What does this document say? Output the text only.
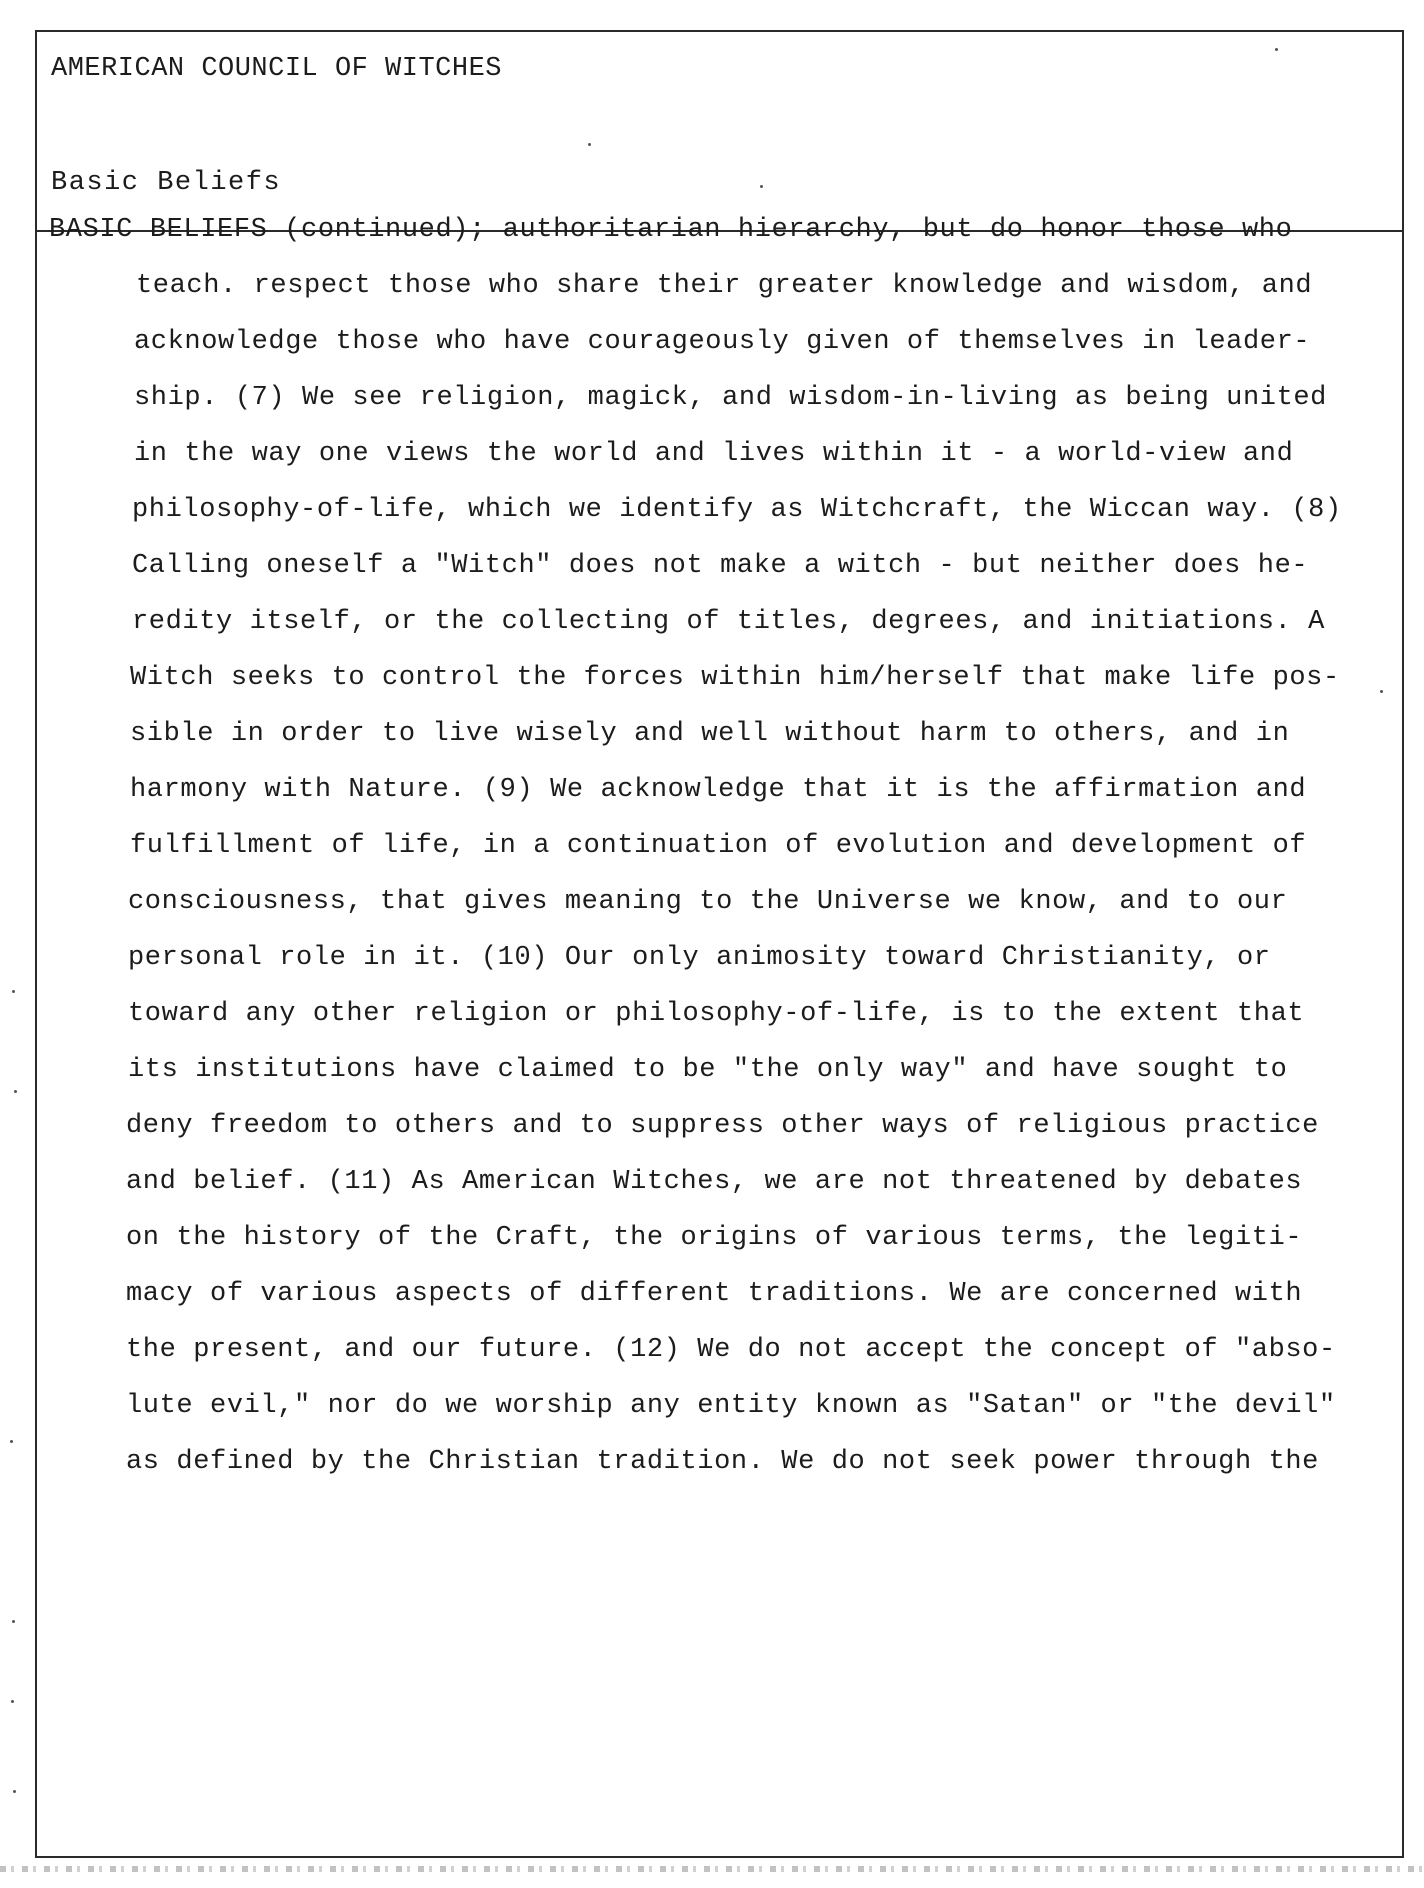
AMERICAN COUNCIL OF WITCHES
Basic Beliefs
BASIC BELIEFS (continued); authoritarian hierarchy, but do honor those who
teach. respect those who share their greater knowledge and wisdom, and
acknowledge those who have courageously given of themselves in leader-
ship. (7) We see religion, magick, and wisdom-in-living as being united
in the way one views the world and lives within it - a world-view and
philosophy-of-life, which we identify as Witchcraft, the Wiccan way. (8)
Calling oneself a "Witch" does not make a witch - but neither does he-
redity itself, or the collecting of titles, degrees, and initiations. A
Witch seeks to control the forces within him/herself that make life pos-
sible in order to live wisely and well without harm to others, and in
harmony with Nature. (9) We acknowledge that it is the affirmation and
fulfillment of life, in a continuation of evolution and development of
consciousness, that gives meaning to the Universe we know, and to our
personal role in it. (10) Our only animosity toward Christianity, or
toward any other religion or philosophy-of-life, is to the extent that
its institutions have claimed to be "the only way" and have sought to
deny freedom to others and to suppress other ways of religious practice
and belief. (11) As American Witches, we are not threatened by debates
on the history of the Craft, the origins of various terms, the legiti-
macy of various aspects of different traditions. We are concerned with
the present, and our future. (12) We do not accept the concept of "abso-
lute evil," nor do we worship any entity known as "Satan" or "the devil"
as defined by the Christian tradition. We do not seek power through the
